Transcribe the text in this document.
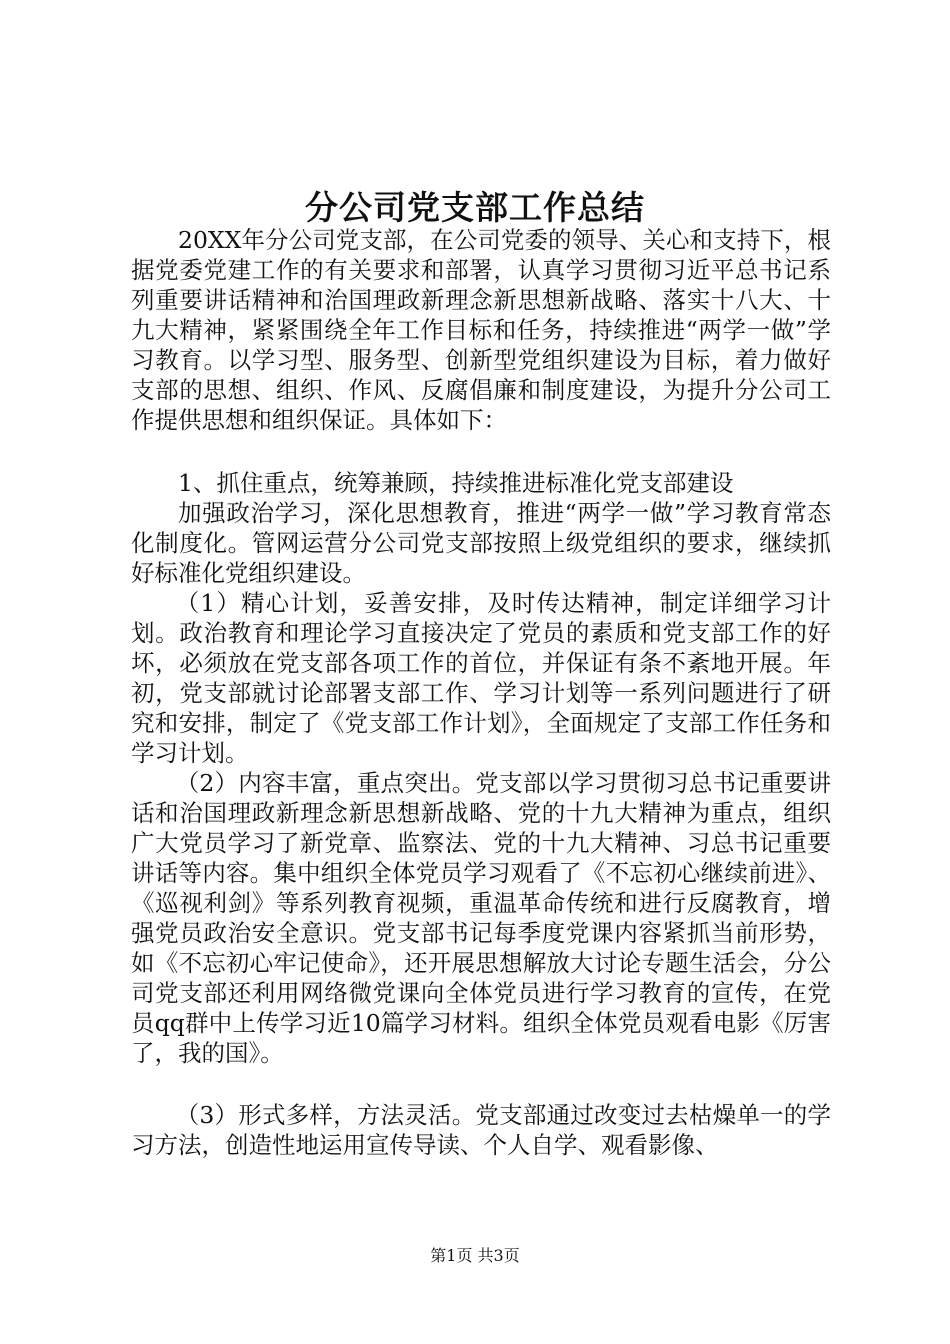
分公司党支部工作总结

20XX年分公司党支部，在公司党委的领导、关心和支持下，根据党委党建工作的有关要求和部署，认真学习贯彻习近平总书记系列重要讲话精神和治国理政新理念新思想新战略、落实十八大、十九大精神，紧紧围绕全年工作目标和任务，持续推进“两学一做”学习教育。以学习型、服务型、创新型党组织建设为目标，着力做好支部的思想、组织、作风、反腐倡廉和制度建设，为提升分公司工作提供思想和组织保证。具体如下：

1、抓住重点，统筹兼顾，持续推进标准化党支部建设

加强政治学习，深化思想教育，推进“两学一做”学习教育常态化制度化。管网运营分公司党支部按照上级党组织的要求，继续抓好标准化党组织建设。

（1）精心计划，妥善安排，及时传达精神，制定详细学习计划。政治教育和理论学习直接决定了党员的素质和党支部工作的好坏，必须放在党支部各项工作的首位，并保证有条不紊地开展。年初，党支部就讨论部署支部工作、学习计划等一系列问题进行了研究和安排，制定了《党支部工作计划》，全面规定了支部工作任务和学习计划。

（2）内容丰富，重点突出。党支部以学习贯彻习总书记重要讲话和治国理政新理念新思想新战略、党的十九大精神为重点，组织广大党员学习了新党章、监察法、党的十九大精神、习总书记重要讲话等内容。集中组织全体党员学习观看了《不忘初心继续前进》、《巡视利剑》等系列教育视频，重温革命传统和进行反腐教育，增强党员政治安全意识。党支部书记每季度党课内容紧抓当前形势，如《不忘初心牢记使命》，还开展思想解放大讨论专题生活会，分公司党支部还利用网络微党课向全体党员进行学习教育的宣传，在党员qq群中上传学习近10篇学习材料。组织全体党员观看电影《厉害了，我的国》。

（3）形式多样，方法灵活。党支部通过改变过去枯燥单一的学习方法，创造性地运用宣传导读、个人自学、观看影像、

第1页 共3页
